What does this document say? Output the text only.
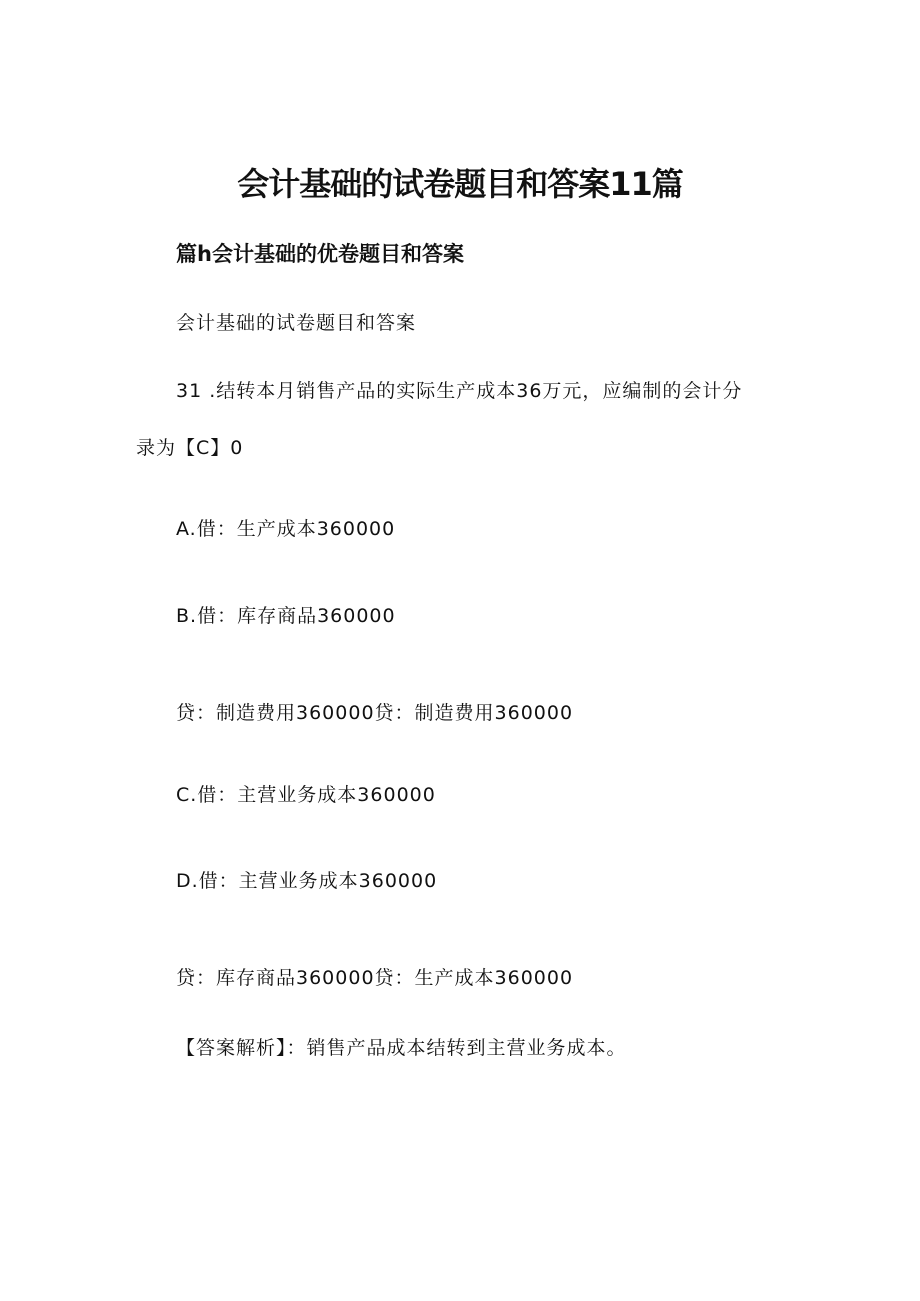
会计基础的试卷题目和答案11篇
篇h会计基础的优卷题目和答案
会计基础的试卷题目和答案
31 .结转本月销售产品的实际生产成本36万元，应编制的会计分
录为【C】0
A.借：生产成本360000
B.借：库存商品360000
贷：制造费用360000贷：制造费用360000
C.借：主营业务成本360000
D.借：主营业务成本360000
贷：库存商品360000贷：生产成本360000
【答案解析】：销售产品成本结转到主营业务成本。
